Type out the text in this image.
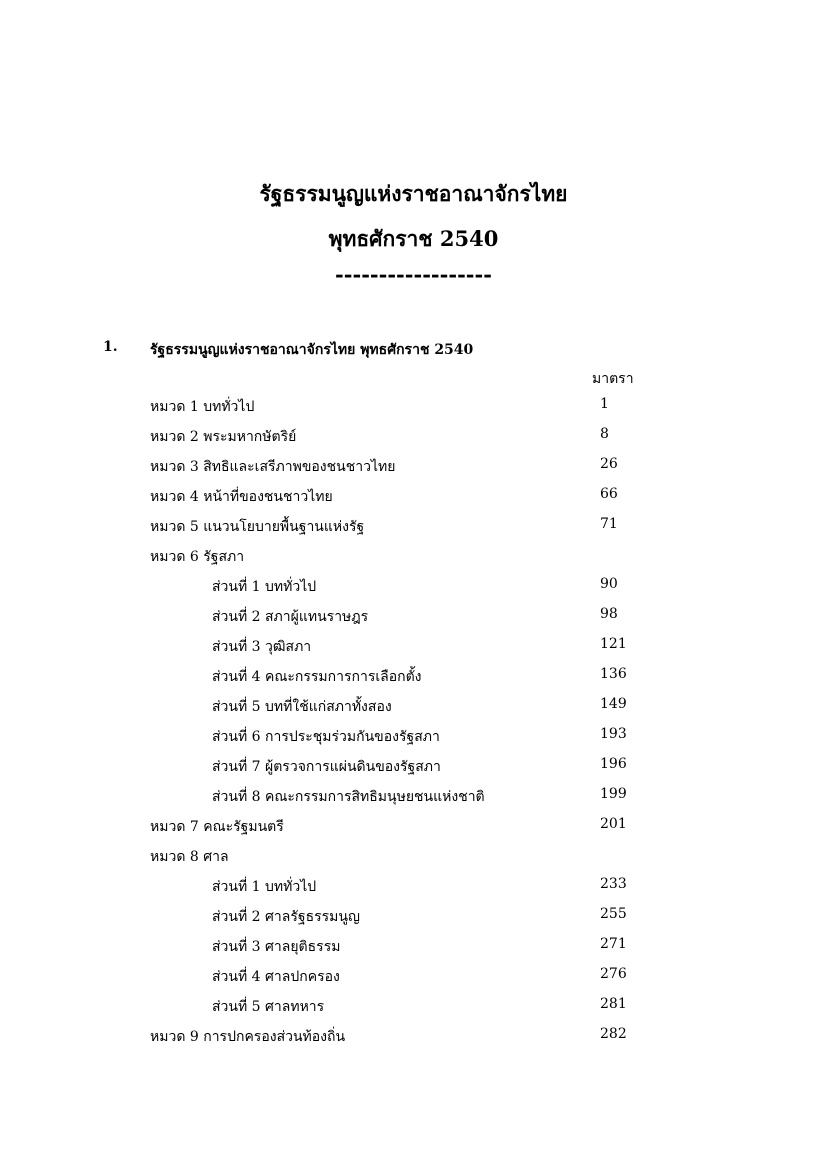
รัฐธรรมนูญแห่งราชอาณาจักรไทย
พุทธศักราช 2540
------------------
1. รัฐธรรมนูญแห่งราชอาณาจักรไทย พุทธศักราช 2540
มาตรา
หมวด 1 บททั่วไป	1
หมวด 2 พระมหากษัตริย์	8
หมวด 3 สิทธิและเสรีภาพของชนชาวไทย	26
หมวด 4 หน้าที่ของชนชาวไทย	66
หมวด 5 แนวนโยบายพื้นฐานแห่งรัฐ	71
หมวด 6 รัฐสภา
ส่วนที่ 1 บททั่วไป	90
ส่วนที่ 2 สภาผู้แทนราษฎร	98
ส่วนที่ 3 วุฒิสภา	121
ส่วนที่ 4 คณะกรรมการการเลือกตั้ง	136
ส่วนที่ 5 บทที่ใช้แก่สภาทั้งสอง	149
ส่วนที่ 6 การประชุมร่วมกันของรัฐสภา	193
ส่วนที่ 7 ผู้ตรวจการแผ่นดินของรัฐสภา	196
ส่วนที่ 8 คณะกรรมการสิทธิมนุษยชนแห่งชาติ	199
หมวด 7 คณะรัฐมนตรี	201
หมวด 8 ศาล
ส่วนที่ 1 บททั่วไป	233
ส่วนที่ 2 ศาลรัฐธรรมนูญ	255
ส่วนที่ 3 ศาลยุติธรรม	271
ส่วนที่ 4 ศาลปกครอง	276
ส่วนที่ 5 ศาลทหาร	281
หมวด 9 การปกครองส่วนท้องถิ่น	282
